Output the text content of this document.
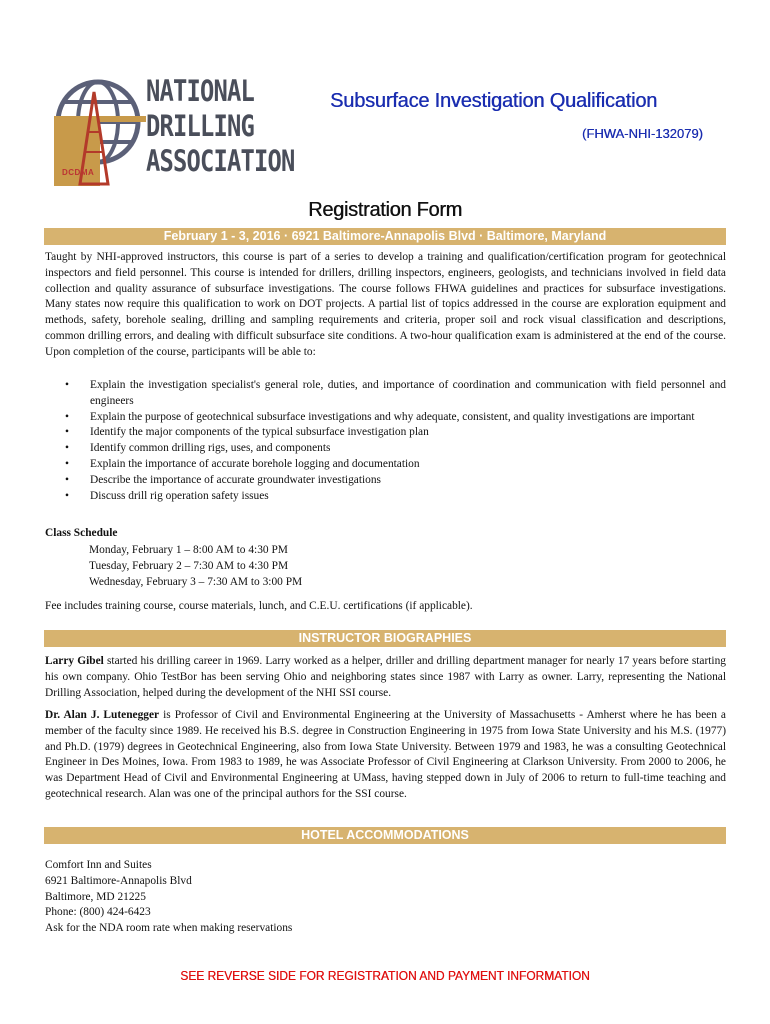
NATIONAL
DRILLING
ASSOCIATION
DCDMA
Subsurface Investigation Qualification
(FHWA-NHI-132079)
Registration Form
February 1 - 3, 2016 · 6921 Baltimore-Annapolis Blvd · Baltimore, Maryland

Taught by NHI-approved instructors, this course is part of a series to develop a training and qualification/certification program for geotechnical inspectors and field personnel. This course is intended for drillers, drilling inspectors, engineers, geologists, and technicians involved in field data collection and quality assurance of subsurface investigations. The course follows FHWA guidelines and practices for subsurface investigations. Many states now require this qualification to work on DOT projects. A partial list of topics addressed in the course are exploration equipment and methods, safety, borehole sealing, drilling and sampling requirements and criteria, proper soil and rock visual classification and descriptions, common drilling errors, and dealing with difficult subsurface site conditions. A two-hour qualification exam is administered at the end of the course. Upon completion of the course, participants will be able to:

• Explain the investigation specialist's general role, duties, and importance of coordination and communication with field personnel and engineers
• Explain the purpose of geotechnical subsurface investigations and why adequate, consistent, and quality investigations are important
• Identify the major components of the typical subsurface investigation plan
• Identify common drilling rigs, uses, and components
• Explain the importance of accurate borehole logging and documentation
• Describe the importance of accurate groundwater investigations
• Discuss drill rig operation safety issues
Class Schedule
Monday, February 1 – 8:00 AM to 4:30 PM
Tuesday, February 2 – 7:30 AM to 4:30 PM
Wednesday, February 3 – 7:30 AM to 3:00 PM
Fee includes training course, course materials, lunch, and C.E.U. certifications (if applicable).
INSTRUCTOR BIOGRAPHIES

Larry Gibel started his drilling career in 1969. Larry worked as a helper, driller and drilling department manager for nearly 17 years before starting his own company. Ohio TestBor has been serving Ohio and neighboring states since 1987 with Larry as owner. Larry, representing the National Drilling Association, helped during the development of the NHI SSI course.

Dr. Alan J. Lutenegger is Professor of Civil and Environmental Engineering at the University of Massachusetts - Amherst where he has been a member of the faculty since 1989. He received his B.S. degree in Construction Engineering in 1975 from Iowa State University and his M.S. (1977) and Ph.D. (1979) degrees in Geotechnical Engineering, also from Iowa State University. Between 1979 and 1983, he was a consulting Geotechnical Engineer in Des Moines, Iowa. From 1983 to 1989, he was Associate Professor of Civil Engineering at Clarkson University. From 2000 to 2006, he was Department Head of Civil and Environmental Engineering at UMass, having stepped down in July of 2006 to return to full-time teaching and geotechnical research. Alan was one of the principal authors for the SSI course.

HOTEL ACCOMMODATIONS
Comfort Inn and Suites
6921 Baltimore-Annapolis Blvd
Baltimore, MD 21225
Phone: (800) 424-6423
Ask for the NDA room rate when making reservations
SEE REVERSE SIDE FOR REGISTRATION AND PAYMENT INFORMATION
